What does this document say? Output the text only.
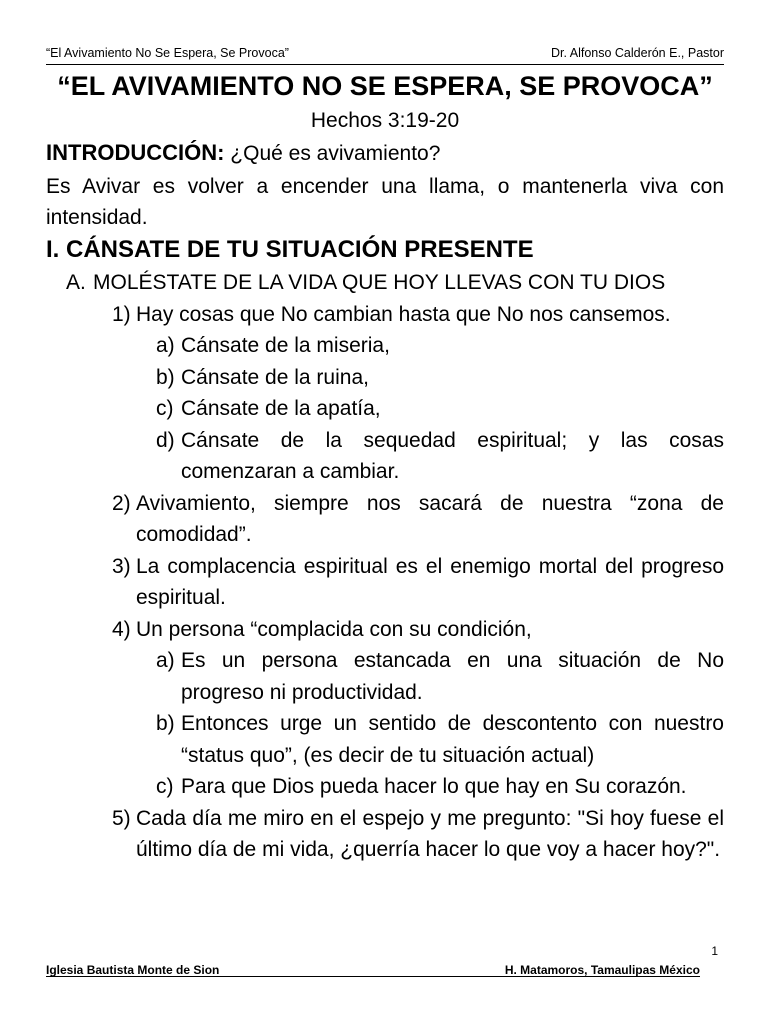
“El Avivamiento No Se Espera, Se Provoca”	Dr. Alfonso Calderón E., Pastor
“EL AVIVAMIENTO NO SE ESPERA, SE PROVOCA”
Hechos 3:19-20
INTRODUCCIÓN: ¿Qué es avivamiento?
Es Avivar es volver a encender una llama, o mantenerla viva con intensidad.
I. CÁNSATE DE TU SITUACIÓN PRESENTE
A. MOLÉSTATE DE LA VIDA QUE HOY LLEVAS CON TU DIOS
1) Hay cosas que No cambian hasta que No nos cansemos.
a) Cánsate de la miseria,
b) Cánsate de la ruina,
c) Cánsate de la apatía,
d) Cánsate de la sequedad espiritual; y las cosas comenzaran a cambiar.
2) Avivamiento, siempre nos sacará de nuestra “zona de comodidad”.
3) La complacencia espiritual es el enemigo mortal del progreso espiritual.
4) Un persona “complacida con su condición,
a) Es un persona estancada en una situación de No progreso ni productividad.
b) Entonces urge un sentido de descontento con nuestro “status quo”, (es decir de tu situación actual)
c) Para que Dios pueda hacer lo que hay en Su corazón.
5) Cada día me miro en el espejo y me pregunto: "Si hoy fuese el último día de mi vida, ¿querría hacer lo que voy a hacer hoy?".
1
Iglesia Bautista Monte de Sion	H. Matamoros, Tamaulipas México
